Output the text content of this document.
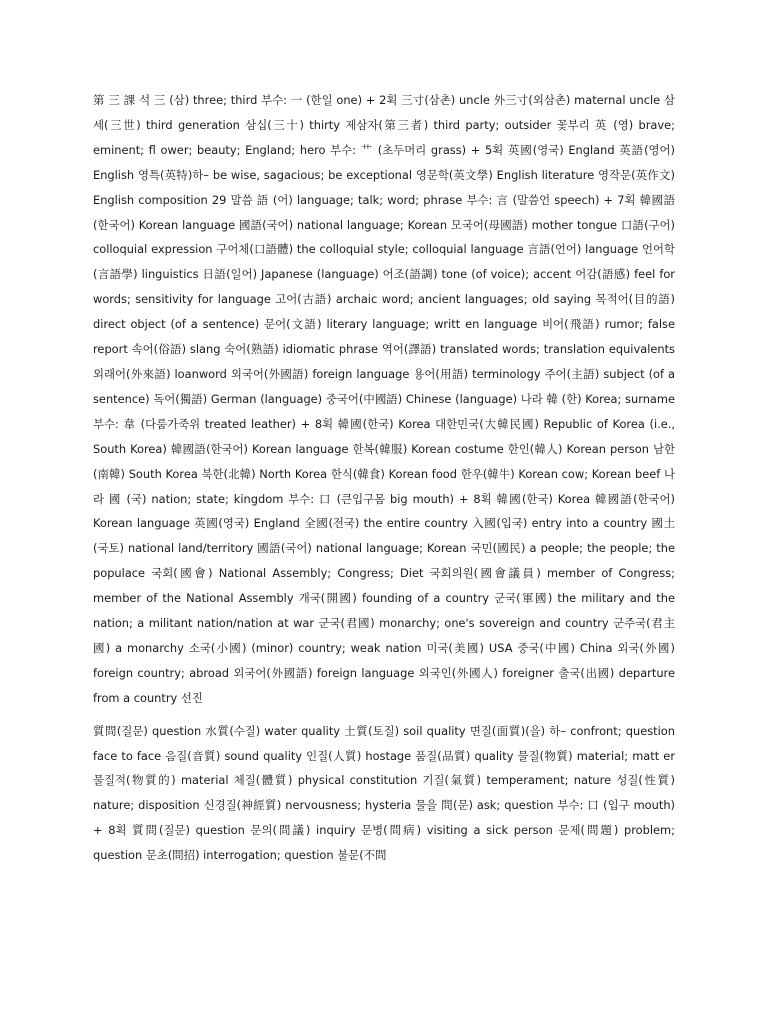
第 三 課 석 三 (삼) three; third 부수: 一 (한일 one) + 2획 三寸(삼촌) uncle 外三寸(외삼촌) maternal uncle 삼세(三世) third generation 삼십(三十) thirty 제삼자(第三者) third party; outsider 꽃부리 英 (영) brave; eminent; fl ower; beauty; England; hero 부수: 艹 (초두머리 grass) + 5획 英國(영국) England 英語(영어) English 영특(英特)하– be wise, sagacious; be exceptional 영문학(英文學) English literature 영작문(英作文) English composition 29 말씀 語 (어) language; talk; word; phrase 부수: 言 (말씀언 speech) + 7획 韓國語(한국어) Korean language 國語(국어) national language; Korean 모국어(母國語) mother tongue 口語(구어) colloquial expression 구어체(口語體) the colloquial style; colloquial language 言語(언어) language 언어학(言語學) linguistics 日語(일어) Japanese (language) 어조(語調) tone (of voice); accent 어감(語感) feel for words; sensitivity for language 고어(古語) archaic word; ancient languages; old saying 목적어(目的語) direct object (of a sentence) 문어(文語) literary language; writt en language 비어(飛語) rumor; false report 속어(俗語) slang 숙어(熟語) idiomatic phrase 역어(譯語) translated words; translation equivalents 외래어(外來語) loanword 외국어(外國語) foreign language 용어(用語) terminology 주어(主語) subject (of a sentence) 독어(獨語) German (language) 중국어(中國語) Chinese (language) 나라 韓 (한) Korea; surname 부수: 韋 (다룸가죽위 treated leather) + 8획 韓國(한국) Korea 대한민국(大韓民國) Republic of Korea (i.e., South Korea) 韓國語(한국어) Korean language 한복(韓服) Korean costume 한인(韓人) Korean person 남한(南韓) South Korea 북한(北韓) North Korea 한식(韓食) Korean food 한우(韓牛) Korean cow; Korean beef 나라 國 (국) nation; state; kingdom 부수: 口 (큰입구몸 big mouth) + 8획 韓國(한국) Korea 韓國語(한국어) Korean language 英國(영국) England 全國(전국) the entire country 入國(입국) entry into a country 國土(국토) national land/territory 國語(국어) national language; Korean 국민(國民) a people; the people; the populace 국회(國會) National Assembly; Congress; Diet 국회의원(國會議員) member of Congress; member of the National Assembly 개국(開國) founding of a country 군국(軍國) the military and the nation; a militant nation/nation at war 군국(君國) monarchy; one's sovereign and country 군주국(君主國) a monarchy 소국(小國) (minor) country; weak nation 미국(美國) USA 중국(中國) China 외국(外國) foreign country; abroad 외국어(外國語) foreign language 외국인(外國人) foreigner 출국(出國) departure from a country 선진

質問(질문) question 水質(수질) water quality 土質(토질) soil quality 면질(面質)(을) 하– confront; question face to face 음질(音質) sound quality 인질(人質) hostage 품질(品質) quality 물질(物質) material; matt er 물질적(物質的) material 체질(體質) physical constitution 기질(氣質) temperament; nature 성질(性質) nature; disposition 신경질(神經質) nervousness; hysteria 물을 問(문) ask; question 부수: 口 (입구 mouth) + 8획 質問(질문) question 문의(問議) inquiry 문병(問病) visiting a sick person 문제(問題) problem; question 문초(問招) interrogation; question 불문(不問
